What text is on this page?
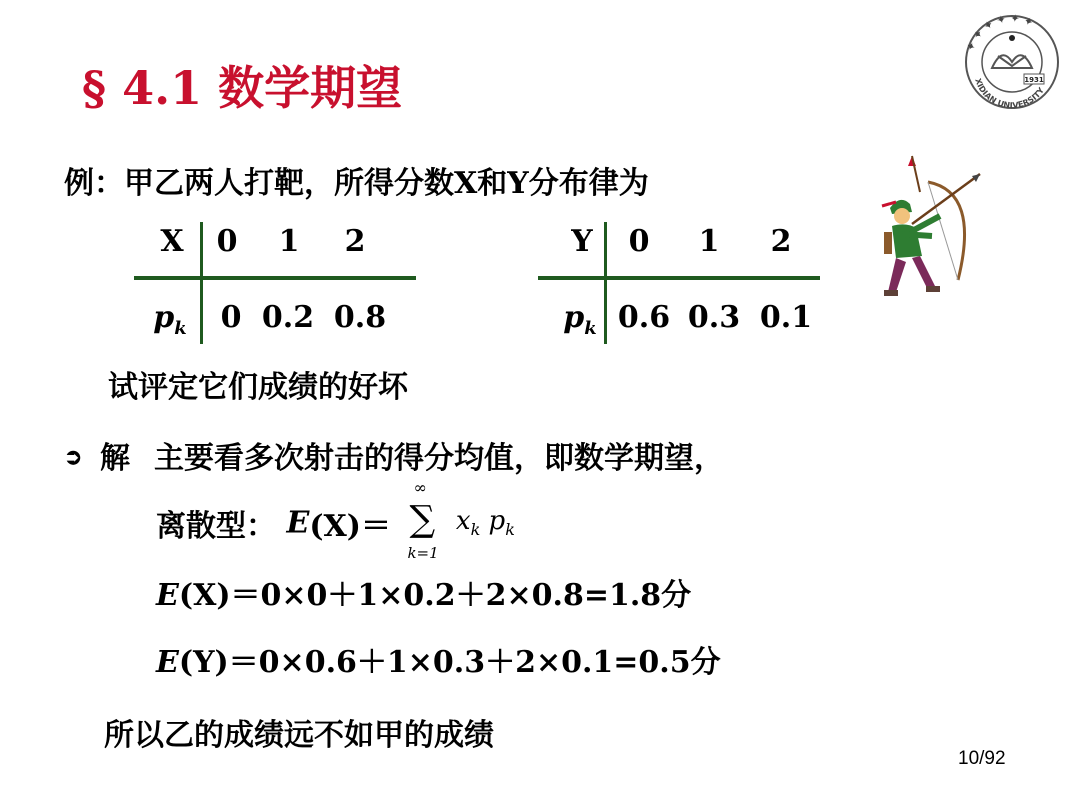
§ 4.1 数学期望
✦ ✦ ✦ ✦ ✦ ✦
XIDIAN UNIVERSITY
1931
例：甲乙两人打靶，所得分数X和Y分布律为
X	0 1 2
$p_k$	0 0.2 0.8
Y	0 1 2
$p_k$ 0.6 0.3 0.1
试评定它们成绩的好坏
➲ 解 主要看多次射击的得分均值，即数学期望，
离散型： E(X)＝
∞
∑
k=1
$x_k$ $p_k$
E(X)＝0×0＋1×0.2＋2×0.8=1.8分
E(Y)＝0×0.6＋1×0.3＋2×0.1=0.5分
所以乙的成绩远不如甲的成绩
10/92
